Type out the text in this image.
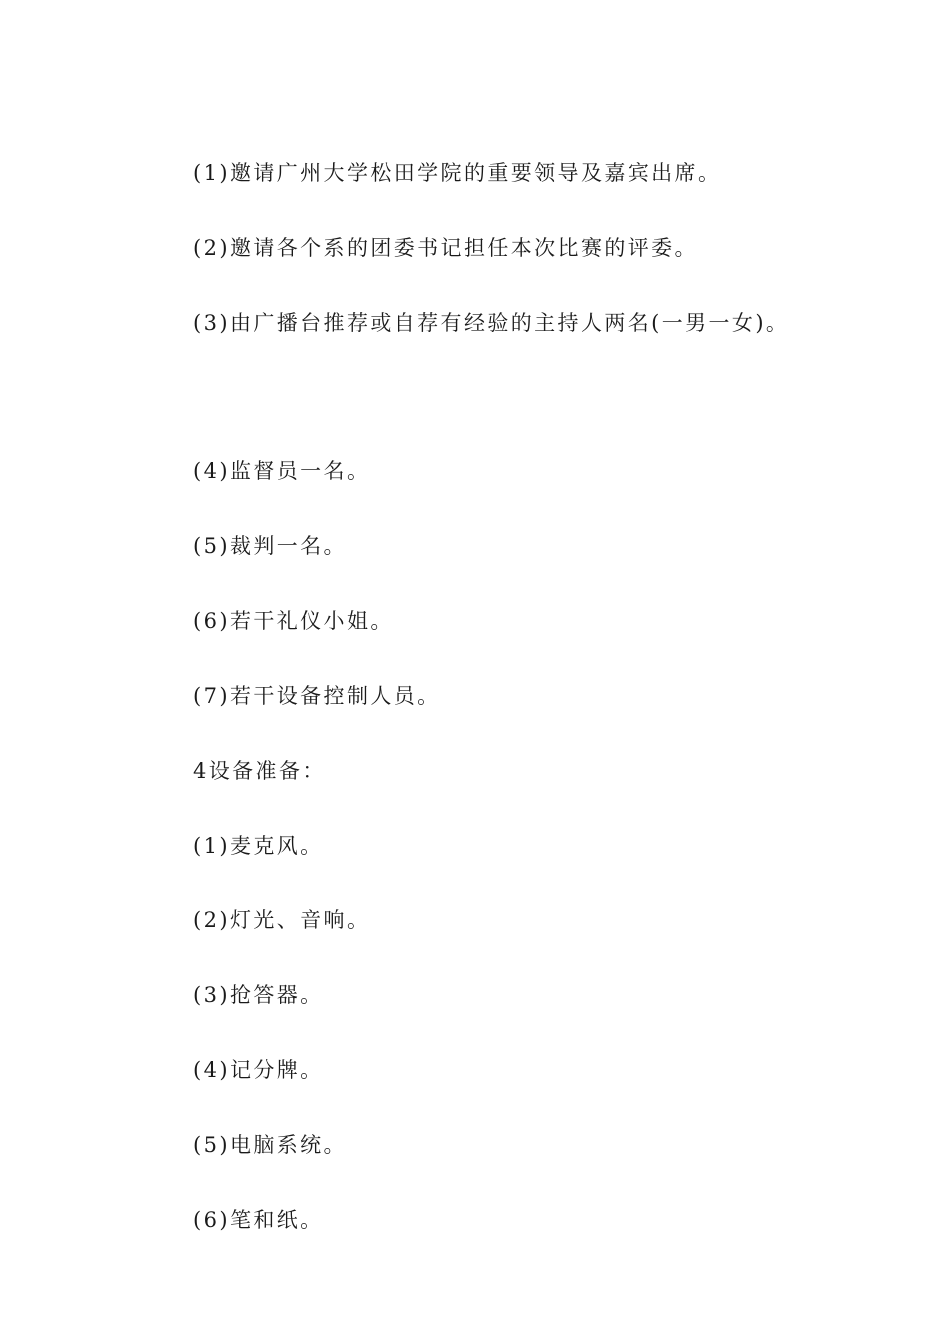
(1)邀请广州大学松田学院的重要领导及嘉宾出席。

(2)邀请各个系的团委书记担任本次比赛的评委。

(3)由广播台推荐或自荐有经验的主持人两名(一男一女)。

(4)监督员一名。

(5)裁判一名。

(6)若干礼仪小姐。

(7)若干设备控制人员。

4设备准备：

(1)麦克风。

(2)灯光、音响。

(3)抢答器。

(4)记分牌。

(5)电脑系统。

(6)笔和纸。
